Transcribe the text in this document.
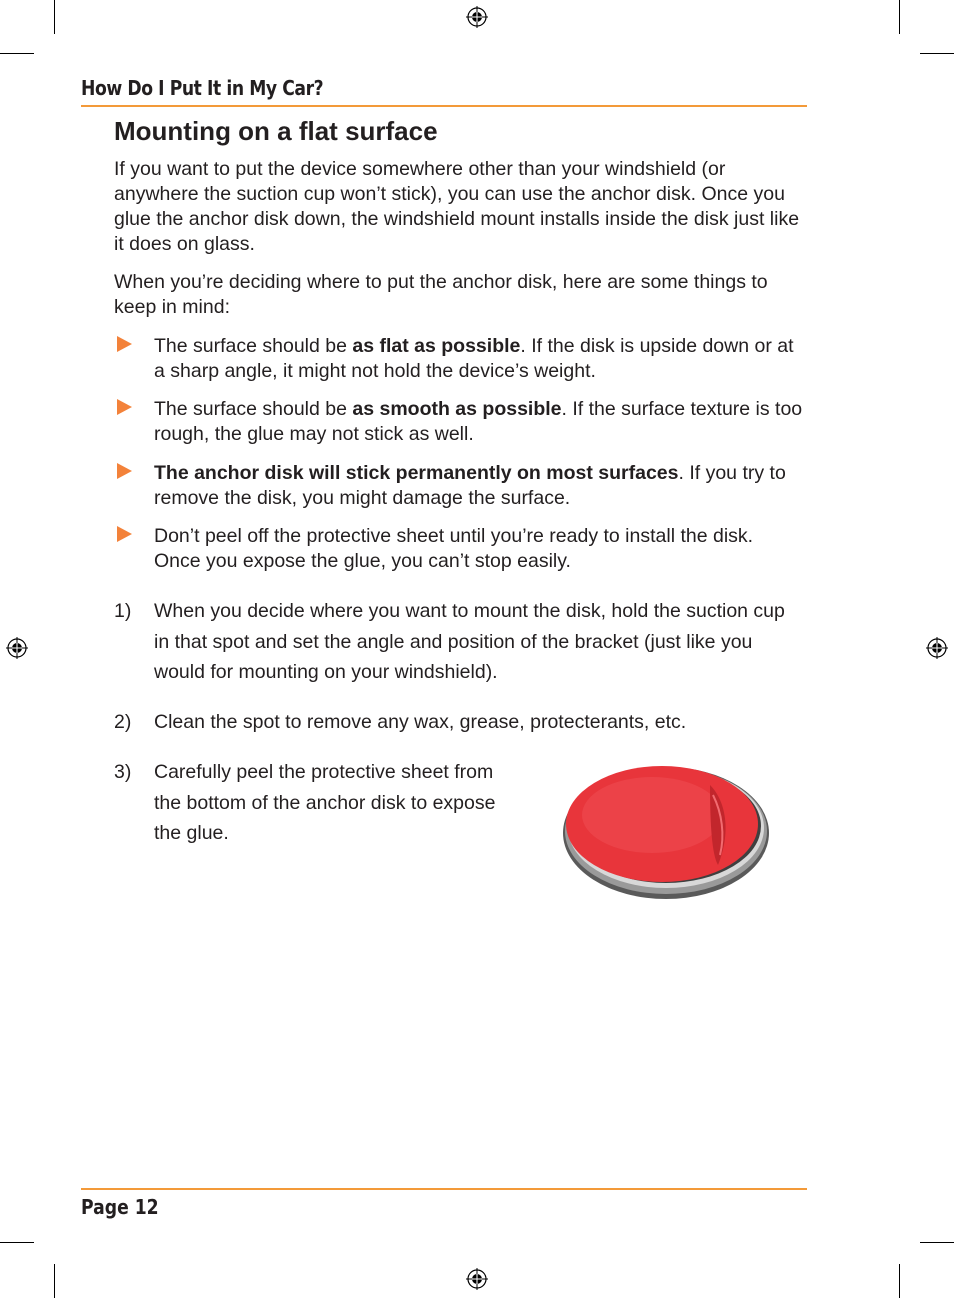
How Do I Put It in My Car?
Mounting on a flat surface

If you want to put the device somewhere other than your windshield (or anywhere the suction cup won’t stick), you can use the anchor disk. Once you glue the anchor disk down, the windshield mount installs inside the disk just like it does on glass.

When you’re deciding where to put the anchor disk, here are some things to keep in mind:

The surface should be as flat as possible. If the disk is upside down or at a sharp angle, it might not hold the device’s weight.
The surface should be as smooth as possible. If the surface texture is too rough, the glue may not stick as well.
The anchor disk will stick permanently on most surfaces. If you try to remove the disk, you might damage the surface.
Don’t peel off the protective sheet until you’re ready to install the disk. Once you expose the glue, you can’t stop easily.
1) When you decide where you want to mount the disk, hold the suction cup in that spot and set the angle and position of the bracket (just like you would for mounting on your windshield).
2) Clean the spot to remove any wax, grease, protecterants, etc.
3) Carefully peel the protective sheet from the bottom of the anchor disk to expose the glue.
Page 12
